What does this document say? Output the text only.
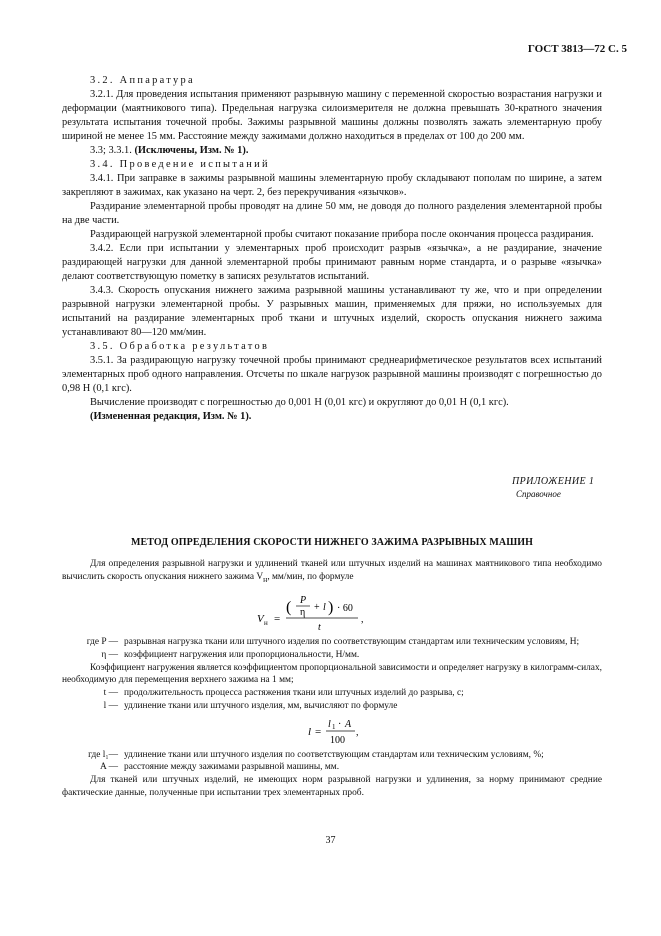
ГОСТ 3813—72 С. 5

3.2. Аппаратура

3.2.1. Для проведения испытания применяют разрывную машину с переменной скоростью возрастания нагрузки и деформации (маятникового типа). Предельная нагрузка силоизмерителя не должна превышать 30-кратного значения результата испытания точечной пробы. Зажимы разрывной машины должны позволять зажать элементарную пробу шириной не менее 15 мм. Расстояние между зажимами должно находиться в пределах от 100 до 200 мм.

3.3; 3.3.1. (Исключены, Изм. № 1).

3.4. Проведение испытаний

3.4.1. При заправке в зажимы разрывной машины элементарную пробу складывают пополам по ширине, а затем закрепляют в зажимах, как указано на черт. 2, без перекручивания «язычков».

Раздирание элементарной пробы проводят на длине 50 мм, не доводя до полного разделения элементарной пробы на две части.

Раздирающей нагрузкой элементарной пробы считают показание прибора после окончания процесса раздирания.

3.4.2. Если при испытании у элементарных проб происходит разрыв «язычка», а не раздирание, значение раздирающей нагрузки для данной элементарной пробы принимают равным норме стандарта, и о разрыве «язычка» делают соответствующую пометку в записях результатов испытаний.

3.4.3. Скорость опускания нижнего зажима разрывной машины устанавливают ту же, что и при определении разрывной нагрузки элементарной пробы. У разрывных машин, применяемых для пряжи, но используемых для испытаний на раздирание элементарных проб ткани и штучных изделий, скорость опускания нижнего зажима устанавливают 80—120 мм/мин.

3.5. Обработка результатов

3.5.1. За раздирающую нагрузку точечной пробы принимают среднеарифметическое результатов всех испытаний элементарных проб одного направления. Отсчеты по шкале нагрузок разрывной машины производят с погрешностью до 0,98 Н (0,1 кгс).

Вычисление производят с погрешностью до 0,001 Н (0,01 кгс) и округляют до 0,01 Н (0,1 кгс).

(Измененная редакция, Изм. № 1).

ПРИЛОЖЕНИЕ 1
Справочное
МЕТОД ОПРЕДЕЛЕНИЯ СКОРОСТИ НИЖНЕГО ЗАЖИМА РАЗРЫВНЫХ МАШИН

Для определения разрывной нагрузки и удлинений тканей или штучных изделий на машинах маятникового типа необходимо вычислить скорость опускания нижнего зажима $V_н$, мм/мин, по формуле

V н =
( P
η + l ) · 60
t
,
где P — разрывная нагрузка ткани или штучного изделия по соответствующим стандартам или техническим условиям, Н;
η — коэффициент нагружения или пропорциональности, Н/мм.

Коэффициент нагружения является коэффициентом пропорциональной зависимости и определяет нагрузку в килограмм-силах, необходимую для перемещения верхнего зажима на 1 мм;

t — продолжительность процесса растяжения ткани или штучных изделий до разрыва, с;
l — удлинение ткани или штучного изделия, мм, вычисляют по формуле
l =
l 1 · A
100
,
где l₁— удлинение ткани или штучного изделия по соответствующим стандартам или техническим условиям, %;
A — расстояние между зажимами разрывной машины, мм.

Для тканей или штучных изделий, не имеющих норм разрывной нагрузки и удлинения, за норму принимают средние фактические данные, полученные при испытании трех элементарных проб.

37
